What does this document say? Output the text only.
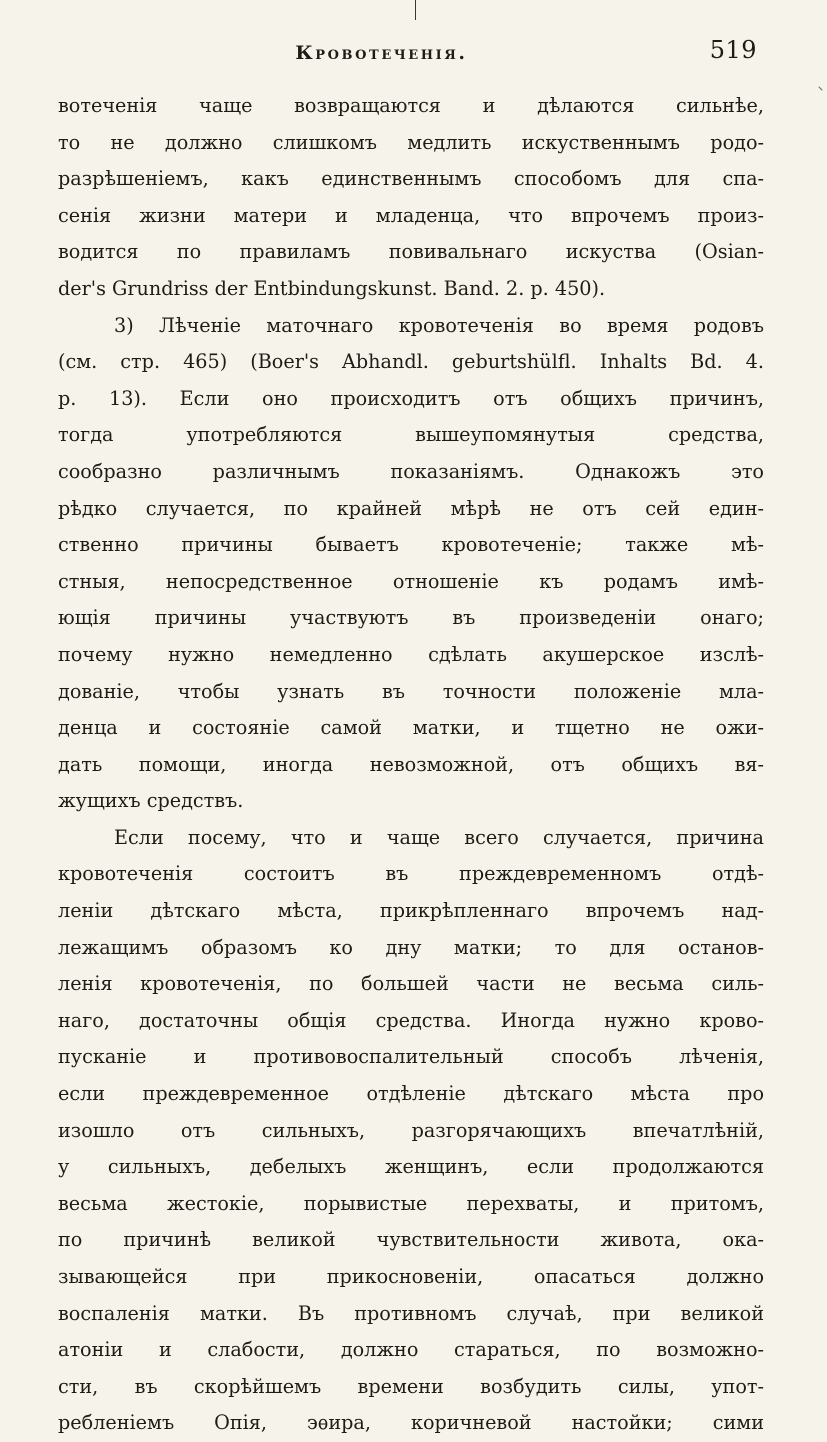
Кровотеченія.	519
вотеченія чаще возвращаются и дѣлаются сильнѣе,
то не должно слишкомъ медлить искуственнымъ родо-
разрѣшеніемъ, какъ единственнымъ способомъ для спа-
сенія жизни матери и младенца, что впрочемъ произ-
водится по правиламъ повивальнаго искуства (Osian-
der's Grundriss der Entbindungskunst. Band. 2. p. 450).
3) Лѣченіе маточнаго кровотеченія во время родовъ
(см. стр. 465) (Boer's Abhandl. geburtshülfl. Inhalts Bd. 4.
p. 13). Если оно происходитъ отъ общихъ причинъ,
тогда употребляются вышеупомянутыя средства,
сообразно различнымъ показаніямъ. Однакожъ это
рѣдко случается, по крайней мѣрѣ не отъ сей един-
ственно причины бываетъ кровотеченіе; также мѣ-
стныя, непосредственное отношеніе къ родамъ имѣ-
ющія причины участвуютъ въ произведеніи онаго;
почему нужно немедленно сдѣлать акушерское изслѣ-
дованіе, чтобы узнать въ точности положеніе мла-
денца и состояніе самой матки, и тщетно не ожи-
дать помощи, иногда невозможной, отъ общихъ вя-
жущихъ средствъ.
Если посему, что и чаще всего случается, причина
кровотеченія состоитъ въ преждевременномъ отдѣ-
леніи дѣтскаго мѣста, прикрѣпленнаго впрочемъ над-
лежащимъ образомъ ко дну матки; то для останов-
ленія кровотеченія, по большей части не весьма силь-
наго, достаточны общія средства. Иногда нужно крово-
пусканіе и противовоспалительный способъ лѣченія,
если преждевременное отдѣленіе дѣтскаго мѣста про
изошло отъ сильныхъ, разгорячающихъ впечатлѣній,
у сильныхъ, дебелыхъ женщинъ, если продолжаются
весьма жестокіе, порывистые перехваты, и притомъ,
по причинѣ великой чувствительности живота, ока-
зывающейся при прикосновеніи, опасаться должно
воспаленія матки. Въ противномъ случаѣ, при великой
атоніи и слабости, должно стараться, по возможно-
сти, въ скорѣйшемъ времени возбудить силы, упот-
ребленіемъ Опія, эѳира, коричневой настойки; сими
